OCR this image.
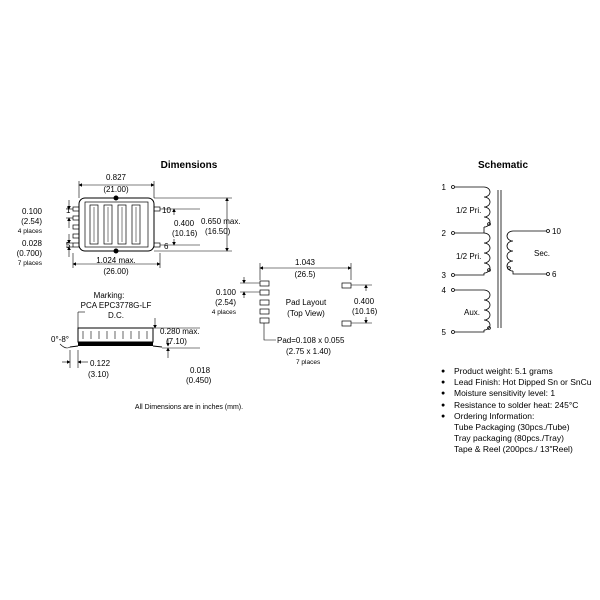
Dimensions
0.827
(21.00)
0.100
(2.54)
4 places
0.028
(0.700)
7 places
1
5
10
6
0.400
(10.16)
0.650 max.
(16.50)
1.024 max.
(26.00)
Marking:
PCA EPC3778G-LF
D.C.
0°-8°
0.280 max.
(7.10)
0.122
(3.10)	0.018
(0.450)
All Dimensions are in inches (mm).
1.043
(26.5)
0.100
(2.54)
4 places
Pad Layout
(Top View)
0.400
(10.16)
Pad=0.108 x 0.055
(2.75 x 1.40)
7 places
Schematic
1
2
3
4
5
10
6
1/2 Pri.
1/2 Pri.	Sec.
Aux.
● Product weight: 5.1 grams
● Lead Finish: Hot Dipped Sn or SnCu
● Moisture sensitivity level: 1
● Resistance to solder heat: 245°C
● Ordering Information:
Tube Packaging (30pcs./Tube)
Tray packaging (80pcs./Tray)
Tape & Reel (200pcs./ 13"Reel)
